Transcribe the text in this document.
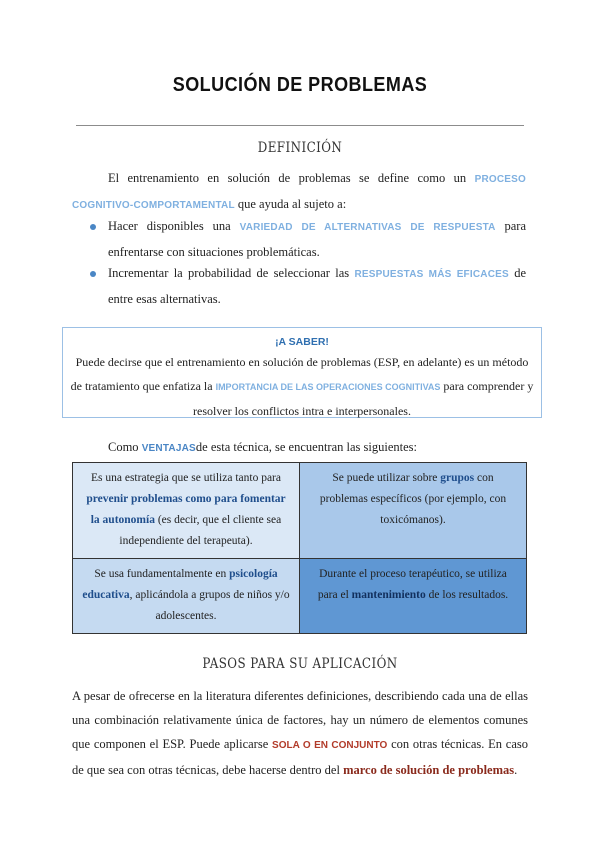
SOLUCIÓN DE PROBLEMAS
DEFINICIÓN
El entrenamiento en solución de problemas se define como un PROCESO COGNITIVO-COMPORTAMENTAL que ayuda al sujeto a:
Hacer disponibles una VARIEDAD DE ALTERNATIVAS DE RESPUESTA para enfrentarse con situaciones problemáticas.
Incrementar la probabilidad de seleccionar las RESPUESTAS MÁS EFICACES de entre esas alternativas.
¡A SABER!
Puede decirse que el entrenamiento en solución de problemas (ESP, en adelante) es un método de tratamiento que enfatiza la IMPORTANCIA DE LAS OPERACIONES COGNITIVAS para comprender y resolver los conflictos intra e interpersonales.
Como VENTAJASde esta técnica, se encuentran las siguientes:
Es una estrategia que se utiliza tanto para prevenir problemas como para fomentar la autonomía (es decir, que el cliente sea independiente del terapeuta).	Se puede utilizar sobre grupos con problemas específicos (por ejemplo, con toxicómanos).
Se usa fundamentalmente en psicología educativa, aplicándola a grupos de niños y/o adolescentes.	Durante el proceso terapéutico, se utiliza para el mantenimiento de los resultados.
PASOS PARA SU APLICACIÓN
A pesar de ofrecerse en la literatura diferentes definiciones, describiendo cada una de ellas una combinación relativamente única de factores, hay un número de elementos comunes que componen el ESP. Puede aplicarse SOLA O EN CONJUNTO con otras técnicas. En caso de que sea con otras técnicas, debe hacerse dentro del marco de solución de problemas.
